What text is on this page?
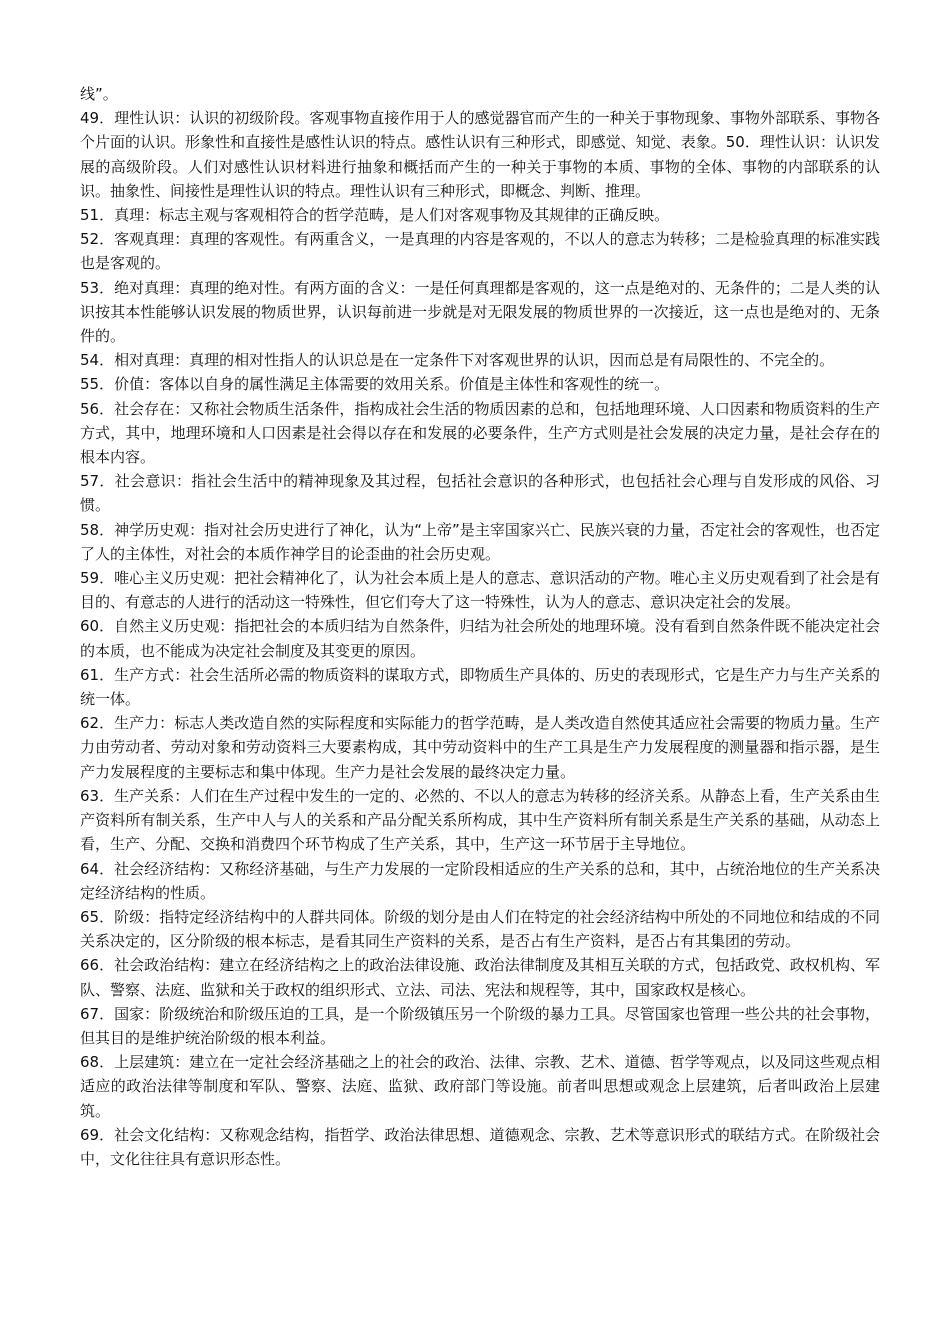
线”。

49．理性认识：认识的初级阶段。客观事物直接作用于人的感觉器官而产生的一种关于事物现象、事物外部联系、事物各个片面的认识。形象性和直接性是感性认识的特点。感性认识有三种形式，即感觉、知觉、表象。50．理性认识：认识发展的高级阶段。人们对感性认识材料进行抽象和概括而产生的一种关于事物的本质、事物的全体、事物的内部联系的认识。抽象性、间接性是理性认识的特点。理性认识有三种形式，即概念、判断、推理。

51．真理：标志主观与客观相符合的哲学范畴，是人们对客观事物及其规律的正确反映。

52．客观真理：真理的客观性。有两重含义，一是真理的内容是客观的，不以人的意志为转移；二是检验真理的标准实践也是客观的。

53．绝对真理：真理的绝对性。有两方面的含义：一是任何真理都是客观的，这一点是绝对的、无条件的；二是人类的认识按其本性能够认识发展的物质世界，认识每前进一步就是对无限发展的物质世界的一次接近，这一点也是绝对的、无条件的。

54．相对真理：真理的相对性指人的认识总是在一定条件下对客观世界的认识，因而总是有局限性的、不完全的。

55．价值：客体以自身的属性满足主体需要的效用关系。价值是主体性和客观性的统一。

56．社会存在：又称社会物质生活条件，指构成社会生活的物质因素的总和，包括地理环境、人口因素和物质资料的生产方式，其中，地理环境和人口因素是社会得以存在和发展的必要条件，生产方式则是社会发展的决定力量，是社会存在的根本内容。

57．社会意识：指社会生活中的精神现象及其过程，包括社会意识的各种形式，也包括社会心理与自发形成的风俗、习惯。

58．神学历史观：指对社会历史进行了神化，认为“上帝”是主宰国家兴亡、民族兴衰的力量，否定社会的客观性，也否定了人的主体性，对社会的本质作神学目的论歪曲的社会历史观。

59．唯心主义历史观：把社会精神化了，认为社会本质上是人的意志、意识活动的产物。唯心主义历史观看到了社会是有目的、有意志的人进行的活动这一特殊性，但它们夸大了这一特殊性，认为人的意志、意识决定社会的发展。

60．自然主义历史观：指把社会的本质归结为自然条件，归结为社会所处的地理环境。没有看到自然条件既不能决定社会的本质，也不能成为决定社会制度及其变更的原因。

61．生产方式：社会生活所必需的物质资料的谋取方式，即物质生产具体的、历史的表现形式，它是生产力与生产关系的统一体。

62．生产力：标志人类改造自然的实际程度和实际能力的哲学范畴，是人类改造自然使其适应社会需要的物质力量。生产力由劳动者、劳动对象和劳动资料三大要素构成，其中劳动资料中的生产工具是生产力发展程度的测量器和指示器，是生产力发展程度的主要标志和集中体现。生产力是社会发展的最终决定力量。

63．生产关系：人们在生产过程中发生的一定的、必然的、不以人的意志为转移的经济关系。从静态上看，生产关系由生产资料所有制关系，生产中人与人的关系和产品分配关系所构成，其中生产资料所有制关系是生产关系的基础，从动态上看，生产、分配、交换和消费四个环节构成了生产关系，其中，生产这一环节居于主导地位。

64．社会经济结构：又称经济基础，与生产力发展的一定阶段相适应的生产关系的总和，其中，占统治地位的生产关系决定经济结构的性质。

65．阶级：指特定经济结构中的人群共同体。阶级的划分是由人们在特定的社会经济结构中所处的不同地位和结成的不同关系决定的，区分阶级的根本标志，是看其同生产资料的关系，是否占有生产资料，是否占有其集团的劳动。

66．社会政治结构：建立在经济结构之上的政治法律设施、政治法律制度及其相互关联的方式，包括政党、政权机构、军队、警察、法庭、监狱和关于政权的组织形式、立法、司法、宪法和规程等，其中，国家政权是核心。

67．国家：阶级统治和阶级压迫的工具，是一个阶级镇压另一个阶级的暴力工具。尽管国家也管理一些公共的社会事物，但其目的是维护统治阶级的根本利益。

68．上层建筑：建立在一定社会经济基础之上的社会的政治、法律、宗教、艺术、道德、哲学等观点，以及同这些观点相适应的政治法律等制度和军队、警察、法庭、监狱、政府部门等设施。前者叫思想或观念上层建筑，后者叫政治上层建筑。

69．社会文化结构：又称观念结构，指哲学、政治法律思想、道德观念、宗教、艺术等意识形式的联结方式。在阶级社会中，文化往往具有意识形态性。
